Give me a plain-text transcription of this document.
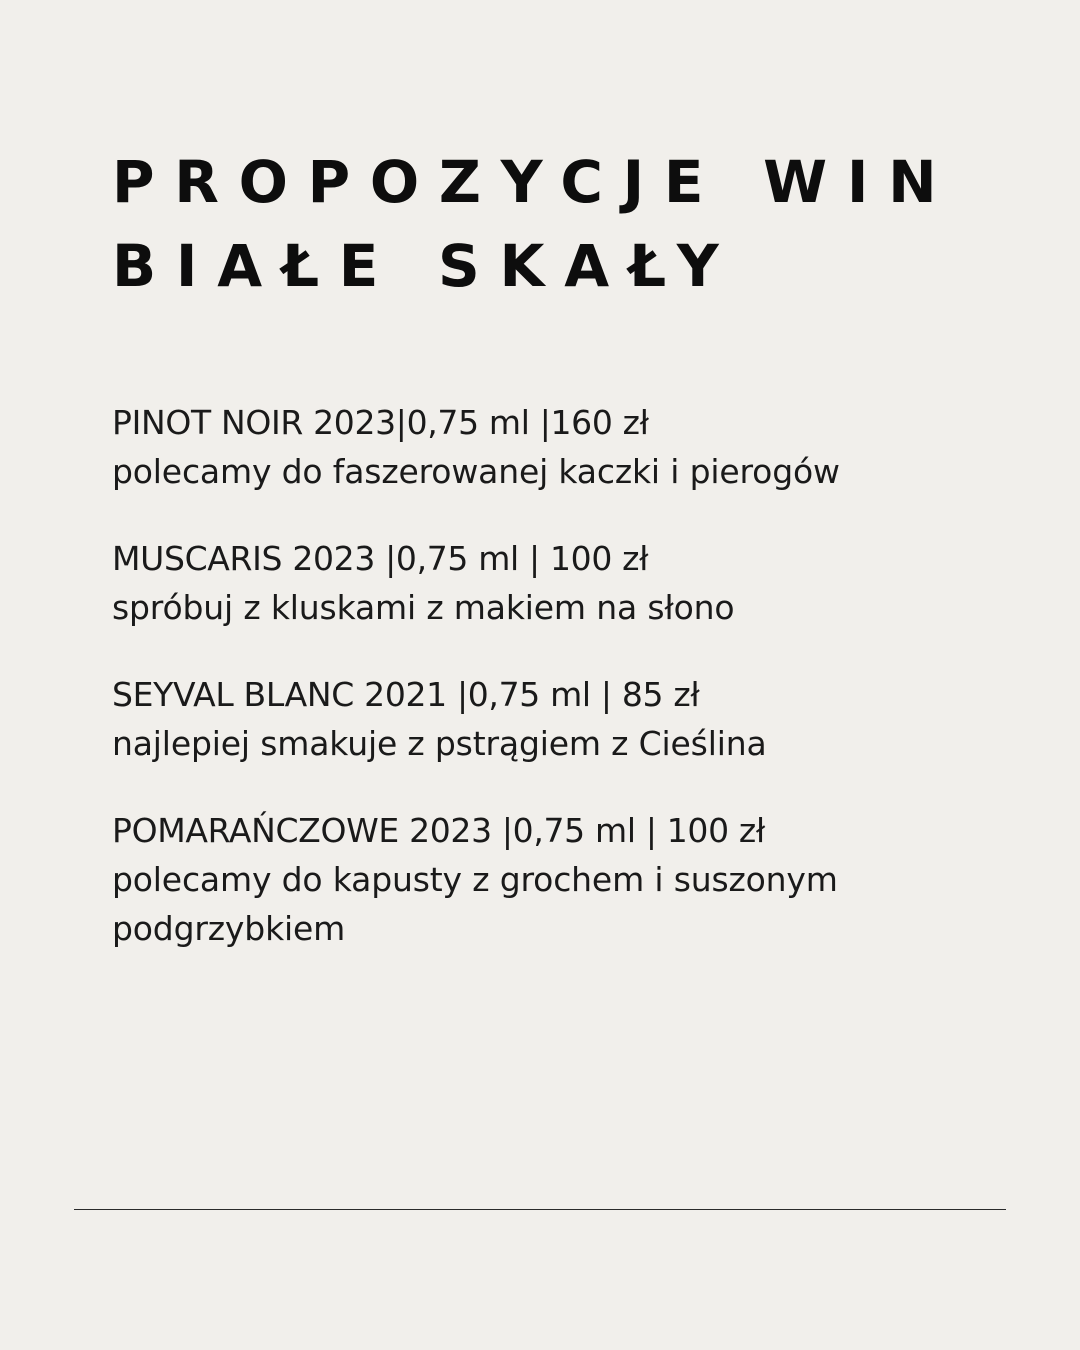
PROPOZYCJE WIN
BIAŁE SKAŁY
PINOT NOIR 2023|0,75 ml |160 zł
polecamy do faszerowanej kaczki i pierogów
MUSCARIS 2023 |0,75 ml | 100 zł
spróbuj z kluskami z makiem na słono
SEYVAL BLANC 2021 |0,75 ml | 85 zł
najlepiej smakuje z pstrągiem z Cieślina
POMARAŃCZOWE 2023 |0,75 ml | 100 zł
polecamy do kapusty z grochem i suszonym podgrzybkiem
